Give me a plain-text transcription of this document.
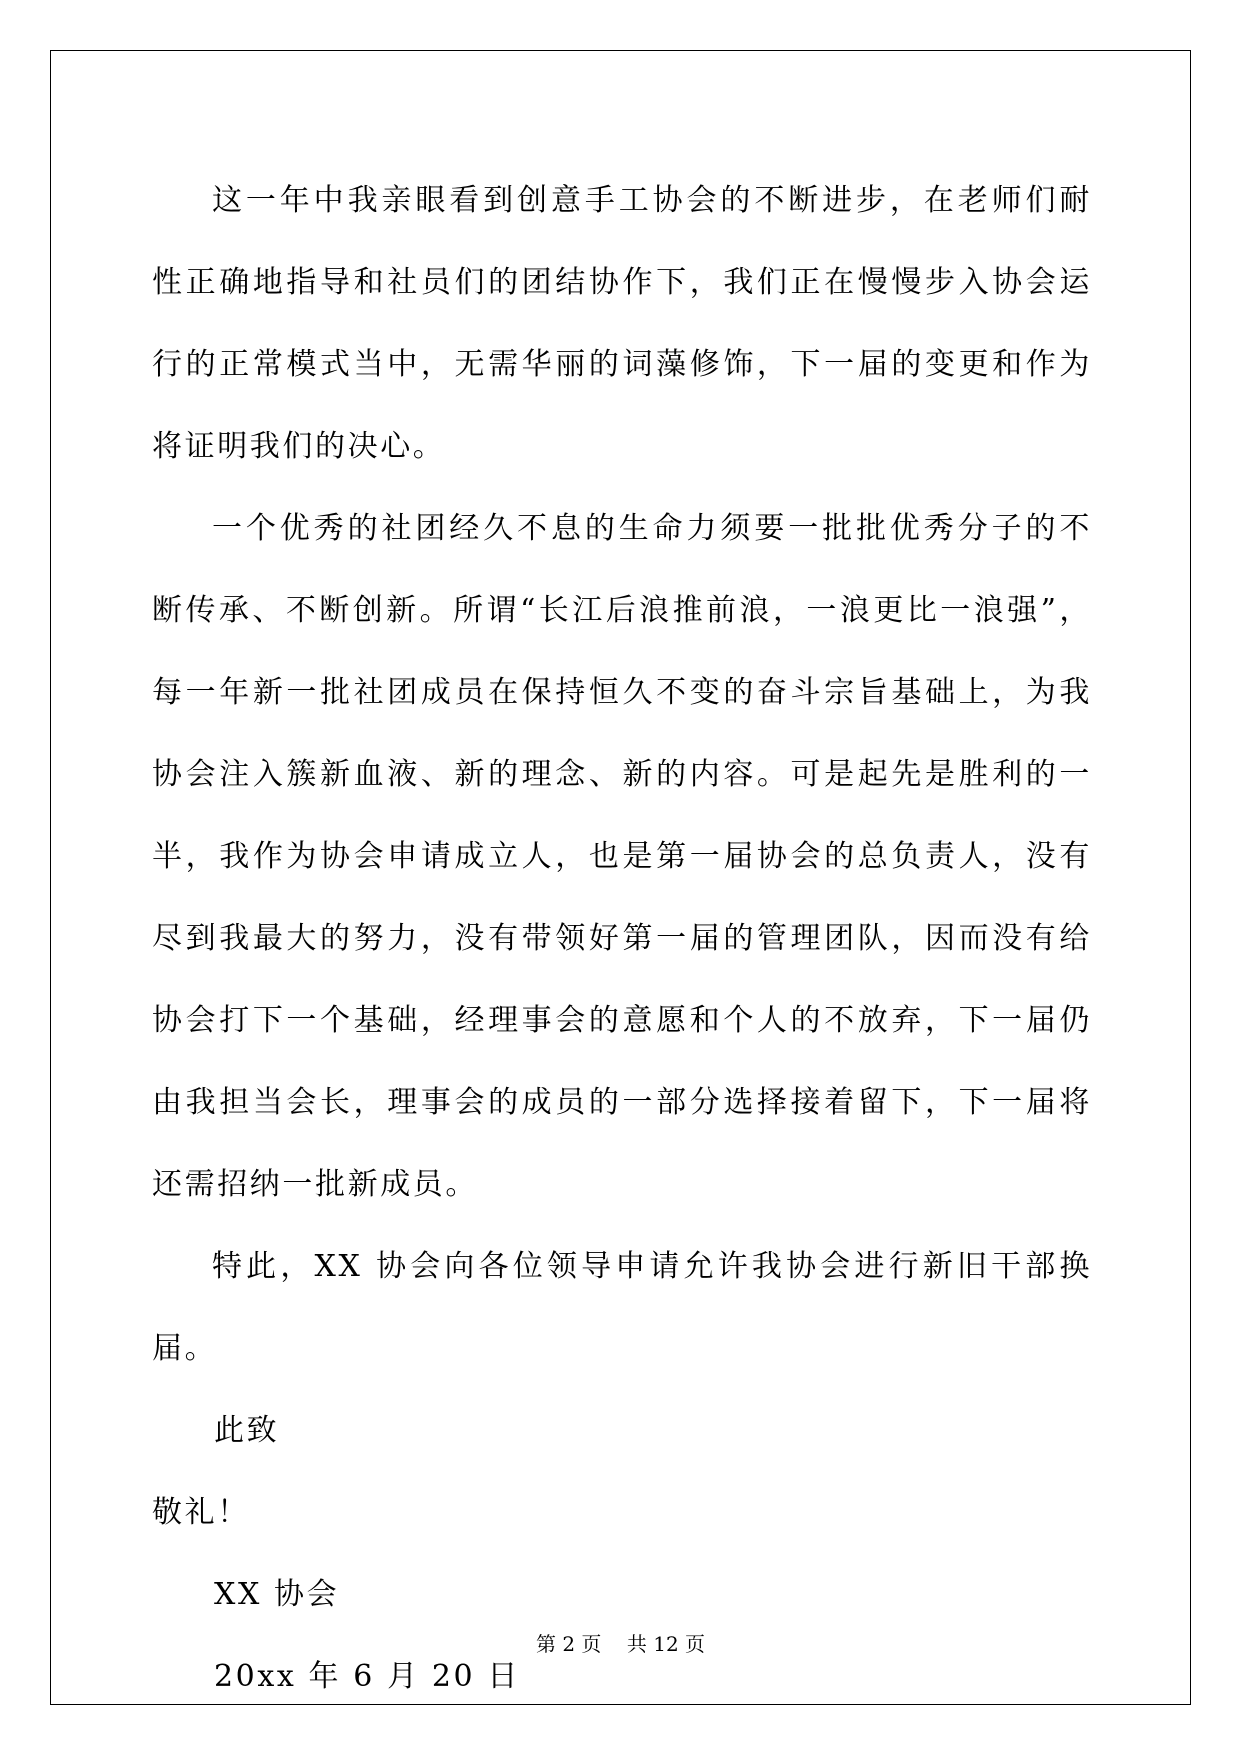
这一年中我亲眼看到创意手工协会的不断进步，在老师们耐性正确地指导和社员们的团结协作下，我们正在慢慢步入协会运行的正常模式当中，无需华丽的词藻修饰，下一届的变更和作为将证明我们的决心。

一个优秀的社团经久不息的生命力须要一批批优秀分子的不断传承、不断创新。所谓“长江后浪推前浪，一浪更比一浪强”，每一年新一批社团成员在保持恒久不变的奋斗宗旨基础上，为我协会注入簇新血液、新的理念、新的内容。可是起先是胜利的一半，我作为协会申请成立人，也是第一届协会的总负责人，没有尽到我最大的努力，没有带领好第一届的管理团队，因而没有给协会打下一个基础，经理事会的意愿和个人的不放弃，下一届仍由我担当会长，理事会的成员的一部分选择接着留下，下一届将还需招纳一批新成员。

特此，XX 协会向各位领导申请允许我协会进行新旧干部换届。

此致

敬礼！

XX 协会

20xx 年 6 月 20 日

第 2 页 共 12 页
